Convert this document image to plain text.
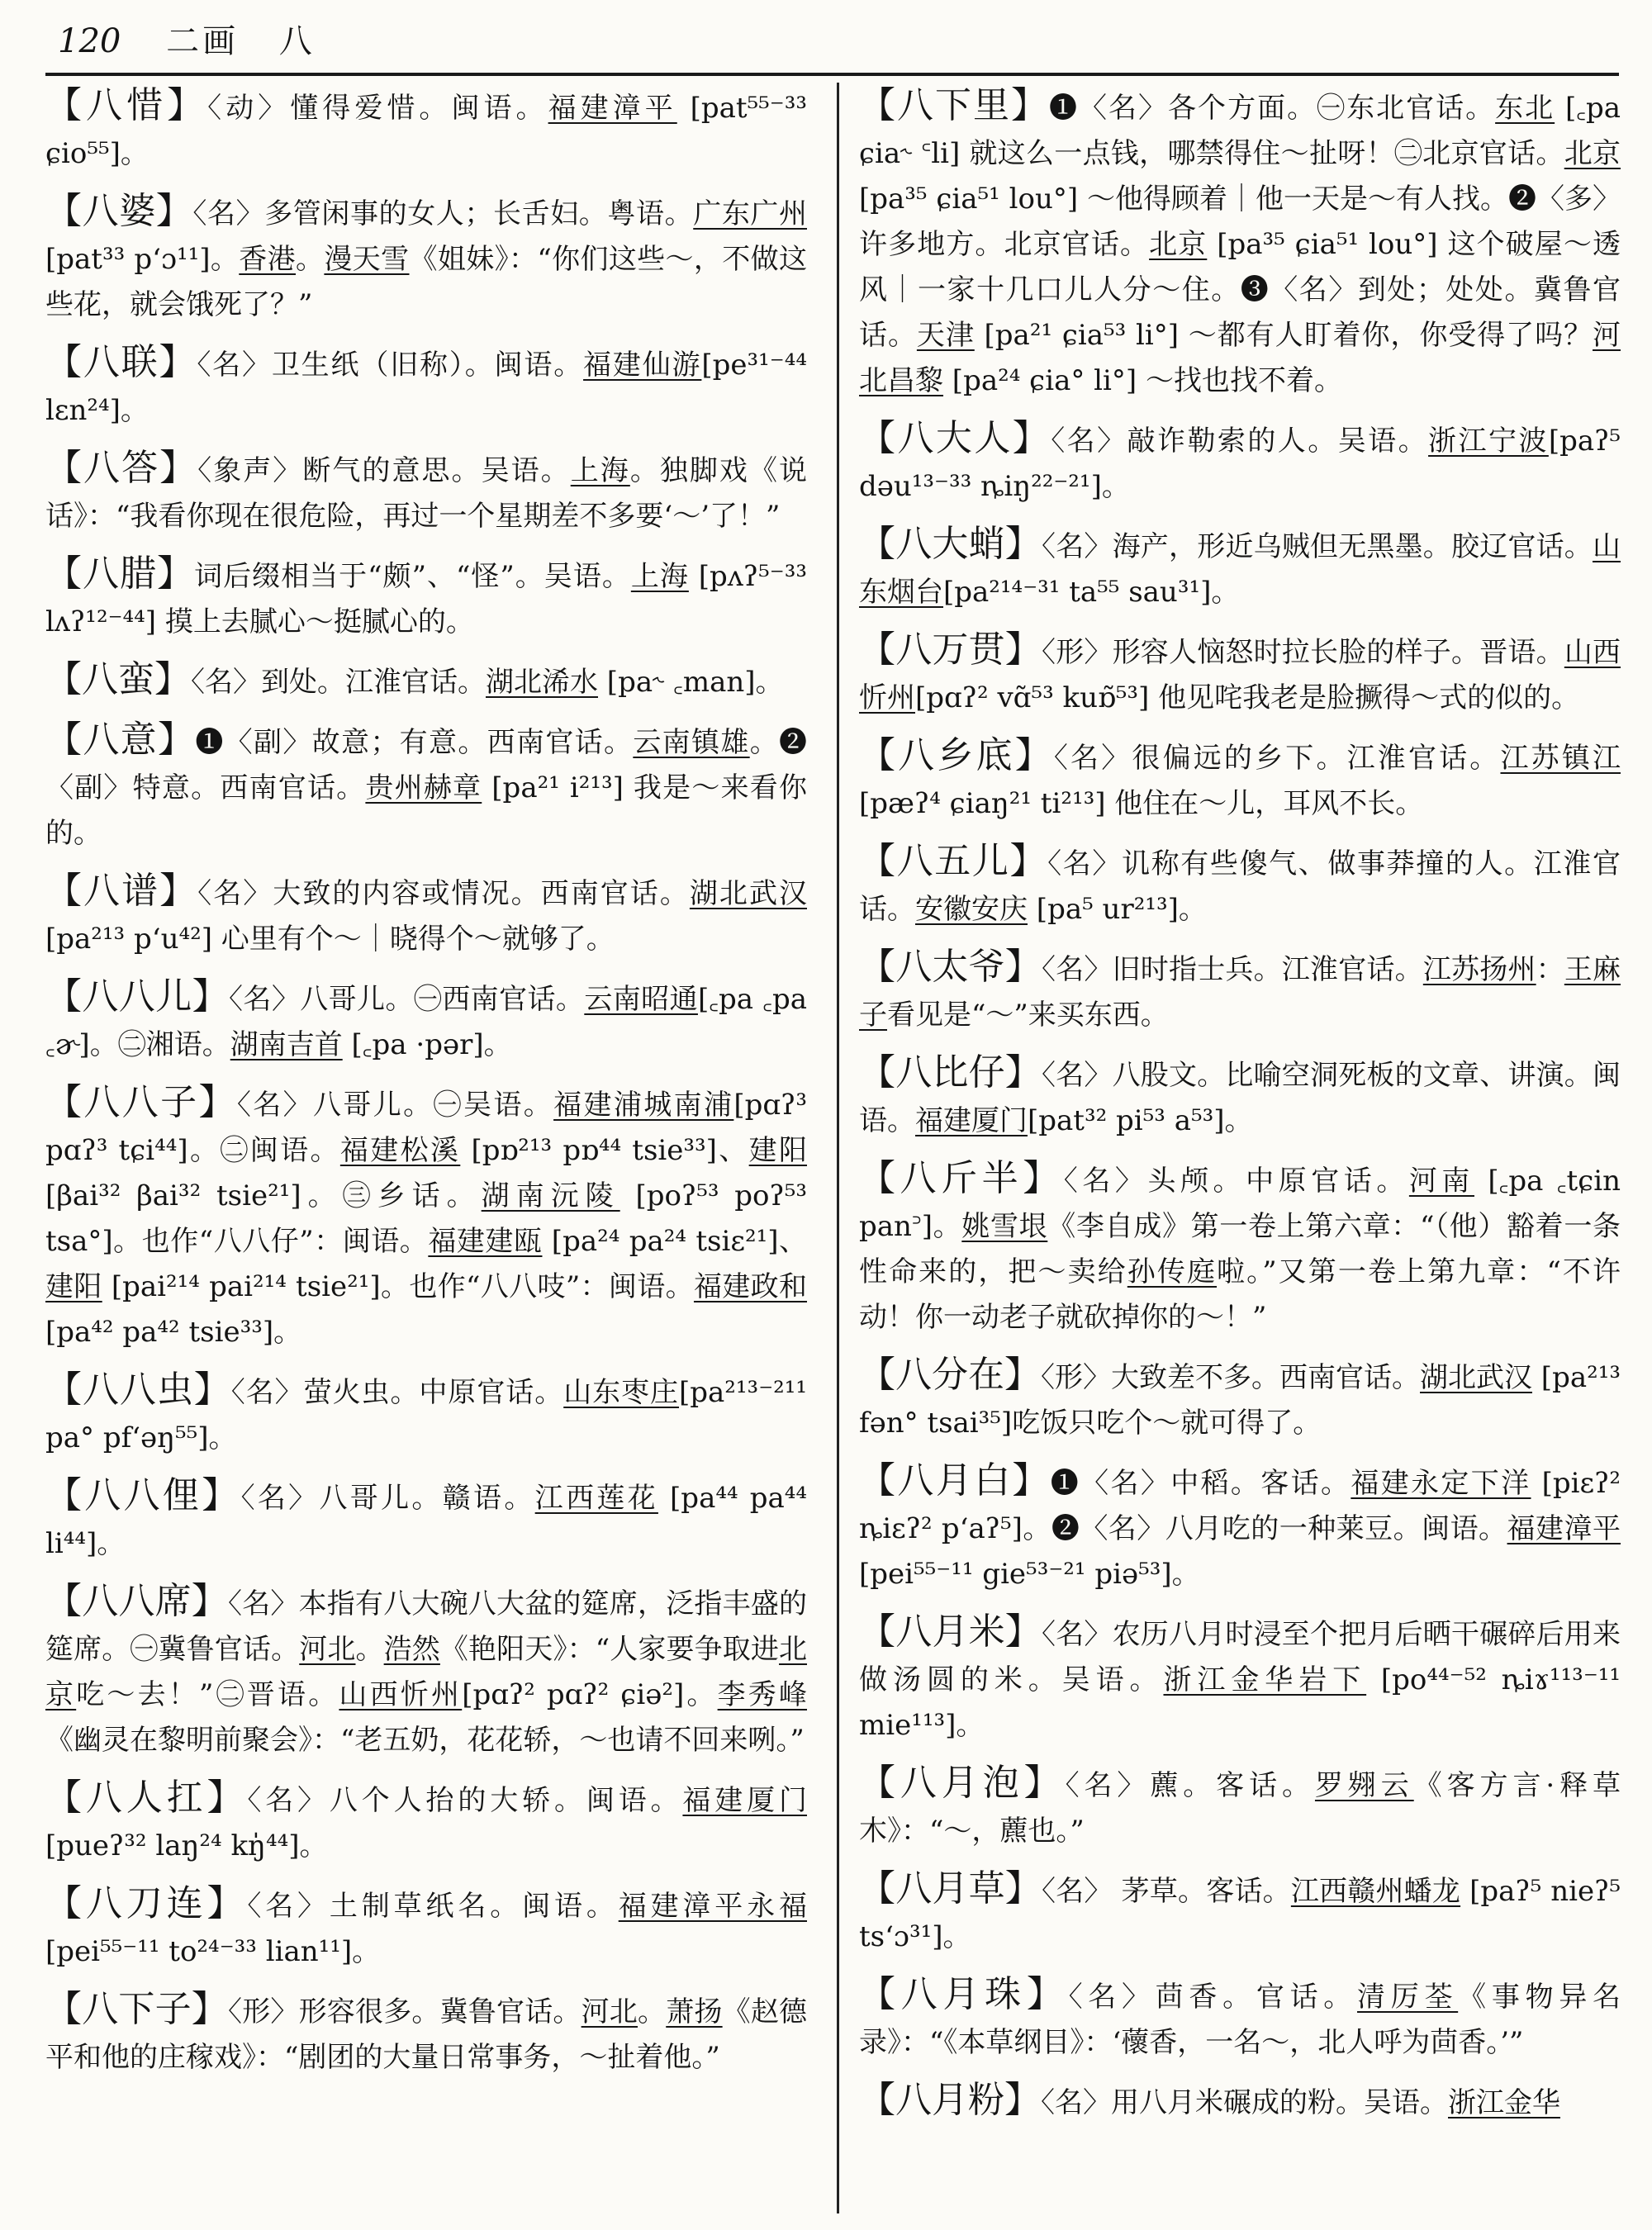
120 二画 八

【八惜】〈动〉懂得爱惜。闽语。福建漳平 [pat⁵⁵⁻³³ ɕio⁵⁵]。

【八婆】〈名〉多管闲事的女人；长舌妇。粤语。广东广州 [pat³³ p‘ɔ¹¹]。香港。漫天雪《姐妹》：“你们这些～，不做这些花，就会饿死了？”

【八联】〈名〉卫生纸（旧称）。闽语。福建仙游[pe³¹⁻⁴⁴ lɛn²⁴]。

【八答】〈象声〉断气的意思。吴语。上海。独脚戏《说话》：“我看你现在很危险，再过一个星期差不多要‘～’了！”

【八腊】词后缀相当于“颇”、“怪”。吴语。上海 [pʌʔ⁵⁻³³ lʌʔ¹²⁻⁴⁴] 摸上去腻心～挺腻心的。

【八蛮】〈名〉到处。江淮官话。湖北浠水 [pa˞ ꜀man]。

【八意】❶〈副〉故意；有意。西南官话。云南镇雄。❷〈副〉特意。西南官话。贵州赫章 [pa²¹ i²¹³] 我是～来看你的。

【八谱】〈名〉大致的内容或情况。西南官话。湖北武汉 [pa²¹³ p‘u⁴²] 心里有个～｜晓得个～就够了。

【八八儿】〈名〉八哥儿。㊀西南官话。云南昭通[꜀pa ꜀pa ꜀ɚ]。㊁湘语。湖南吉首 [꜀pa ·pər]。

【八八子】〈名〉八哥儿。㊀吴语。福建浦城南浦[pɑʔ³ pɑʔ³ tɕi⁴⁴]。㊁闽语。福建松溪 [pɒ²¹³ pɒ⁴⁴ tsie³³]、建阳 [βai³² βai³² tsie²¹]。㊂乡话。湖南沅陵 [poʔ⁵³ poʔ⁵³ tsa°]。也作“八八仔”：闽语。福建建瓯 [pa²⁴ pa²⁴ tsiɛ²¹]、建阳 [pai²¹⁴ pai²¹⁴ tsie²¹]。也作“八八吱”：闽语。福建政和 [pa⁴² pa⁴² tsie³³]。

【八八虫】〈名〉萤火虫。中原官话。山东枣庄[pa²¹³⁻²¹¹ pa° pf‘əŋ⁵⁵]。

【八八俚】〈名〉八哥儿。赣语。江西莲花 [pa⁴⁴ pa⁴⁴ li⁴⁴]。

【八八席】〈名〉本指有八大碗八大盆的筵席，泛指丰盛的筵席。㊀冀鲁官话。河北。浩然《艳阳天》：“人家要争取进北京吃～去！”㊁晋语。山西忻州[pɑʔ² pɑʔ² ɕiə²]。李秀峰《幽灵在黎明前聚会》：“老五奶，花花轿，～也请不回来咧。”

【八人扛】〈名〉八个人抬的大轿。闽语。福建厦门 [pueʔ³² laŋ²⁴ kŋ̍⁴⁴]。

【八刀连】〈名〉土制草纸名。闽语。福建漳平永福 [pei⁵⁵⁻¹¹ to²⁴⁻³³ lian¹¹]。

【八下子】〈形〉形容很多。冀鲁官话。河北。萧扬《赵德平和他的庄稼戏》：“剧团的大量日常事务，～扯着他。”

【八下里】❶〈名〉各个方面。㊀东北官话。东北 [꜀pa ɕia˞ ꜂li] 就这么一点钱，哪禁得住～扯呀！㊁北京官话。北京 [pa³⁵ ɕia⁵¹ lou°] ～他得顾着｜他一天是～有人找。❷〈多〉许多地方。北京官话。北京 [pa³⁵ ɕia⁵¹ lou°] 这个破屋～透风｜一家十几口儿人分～住。❸〈名〉到处；处处。冀鲁官话。天津 [pa²¹ ɕia⁵³ li°] ～都有人盯着你，你受得了吗？河北昌黎 [pa²⁴ ɕia° li°] ～找也找不着。

【八大人】〈名〉敲诈勒索的人。吴语。浙江宁波[paʔ⁵ dəu¹³⁻³³ ȵiŋ²²⁻²¹]。

【八大蛸】〈名〉海产，形近乌贼但无黑墨。胶辽官话。山东烟台[pa²¹⁴⁻³¹ ta⁵⁵ sau³¹]。

【八万贯】〈形〉形容人恼怒时拉长脸的样子。晋语。山西忻州[pɑʔ² vɑ̃⁵³ kuɒ̃⁵³] 他见咤我老是脸撅得～式的似的。

【八乡底】〈名〉很偏远的乡下。江淮官话。江苏镇江 [pæʔ⁴ ɕiaŋ²¹ ti²¹³] 他住在～儿，耳风不长。

【八五儿】〈名〉讥称有些傻气、做事莽撞的人。江淮官话。安徽安庆 [pa⁵ ur²¹³]。

【八太爷】〈名〉旧时指士兵。江淮官话。江苏扬州：王麻子看见是“～”来买东西。

【八比仔】〈名〉八股文。比喻空洞死板的文章、讲演。闽语。福建厦门[pat³² pi⁵³ a⁵³]。

【八斤半】〈名〉头颅。中原官话。河南 [꜀pa ꜀tɕin pan꜄]。姚雪垠《李自成》第一卷上第六章：“（他）豁着一条性命来的，把～卖给孙传庭啦。”又第一卷上第九章：“不许动！你一动老子就砍掉你的～！”

【八分在】〈形〉大致差不多。西南官话。湖北武汉 [pa²¹³ fən° tsai³⁵]吃饭只吃个～就可得了。

【八月白】❶〈名〉中稻。客话。福建永定下洋 [piɛʔ² ȵiɛʔ² p‘aʔ⁵]。❷〈名〉八月吃的一种莱豆。闽语。福建漳平[pei⁵⁵⁻¹¹ gie⁵³⁻²¹ piə⁵³]。

【八月米】〈名〉农历八月时浸至个把月后晒干碾碎后用来做汤圆的米。吴语。浙江金华岩下 [po⁴⁴⁻⁵² ȵiɤ¹¹³⁻¹¹ mie¹¹³]。

【八月泡】〈名〉藨。客话。罗翙云《客方言·释草木》：“～，藨也。”

【八月草】〈名〉 茅草。客话。江西赣州蟠龙 [paʔ⁵ nieʔ⁵ ts‘ɔ³¹]。

【八月珠】〈名〉茴香。官话。清厉荃《事物异名录》：“《本草纲目》：‘蘹香，一名～，北人呼为茴香。’”

【八月粉】〈名〉用八月米碾成的粉。吴语。浙江金华
